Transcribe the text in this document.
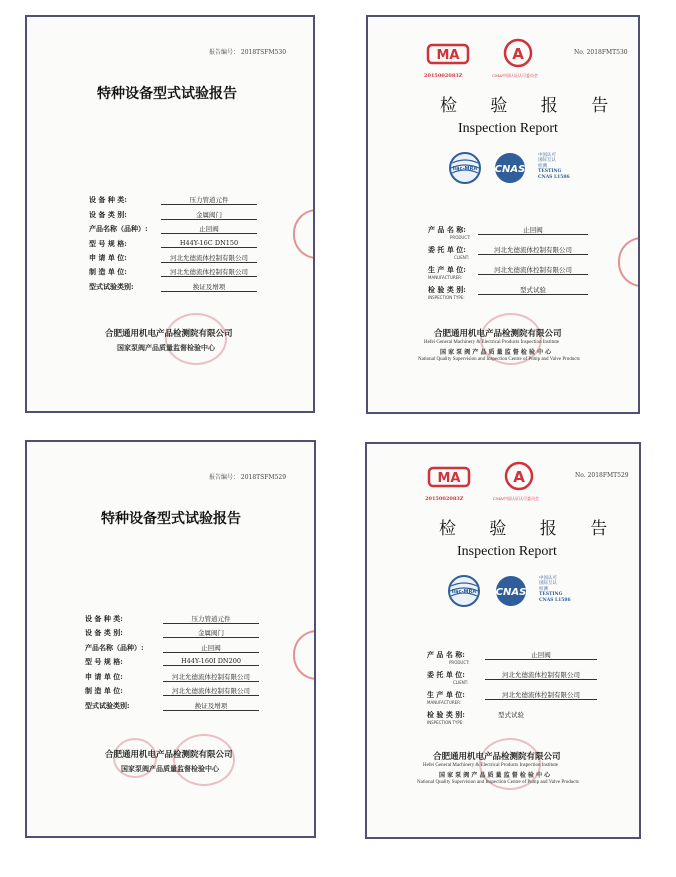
报告编号： 2018TSFM530
特种设备型式试验报告
设 备 种 类:	压力管道元件
设 备 类 别:	金属阀门
产品名称（品种）:	止回阀
型 号 规 格:	H44Y-16C DN150
申 请 单 位:	河北允德流体控制有限公司
制 造 单 位:	河北允德流体控制有限公司
型式试验类别:	换证及增项
合肥通用机电产品检测院有限公司
国家泵阀产品质量监督检验中心
MA
2015002083Z
A
CMA中国认证认可委员会
No. 2018FMT530
检 验 报 告
Inspection Report
ilac-MRA CNAS
中国认可
国际互认
检测
TESTING
CNAS L1586
产 品 名 称:
PRODUCT:
止回阀
委 托 单 位:
CLIENT:
河北允德流体控制有限公司
生 产 单 位:
MANUFACTURER:
河北允德流体控制有限公司
检 验 类 别:
INSPECTION TYPE:
型式试验
合肥通用机电产品检测院有限公司
Hefei General Machinery & Electrical Products Inspection Institute
国 家 泵 阀 产 品 质 量 监 督 检 验 中 心
National Quality Supervision and Inspection Centre of Pump and Valve Products
报告编号： 2018TSFM529
特种设备型式试验报告
设 备 种 类:	压力管道元件
设 备 类 别:	金属阀门
产品名称（品种）:	止回阀
型 号 规 格:	H44Y-160I DN200
申 请 单 位:	河北允德流体控制有限公司
制 造 单 位:	河北允德流体控制有限公司
型式试验类别:	换证及增项
合肥通用机电产品检测院有限公司
国家泵阀产品质量监督检验中心
MA
2015002083Z
A
CMA中国认证认可委员会
No. 2018FMT529
检 验 报 告
Inspection Report
ilac-MRA CNAS
中国认可
国际互认
检测
TESTING
CNAS L1586
产 品 名 称:
PRODUCT:
止回阀
委 托 单 位:
CLIENT:
河北允德流体控制有限公司
生 产 单 位:
MANUFACTURER:
河北允德流体控制有限公司
检 验 类 别:
INSPECTION TYPE:
型式试验
合肥通用机电产品检测院有限公司
Hefei General Machinery & Electrical Products Inspection Institute
国 家 泵 阀 产 品 质 量 监 督 检 验 中 心
National Quality Supervision and Inspection Centre of Pump and Valve Products
